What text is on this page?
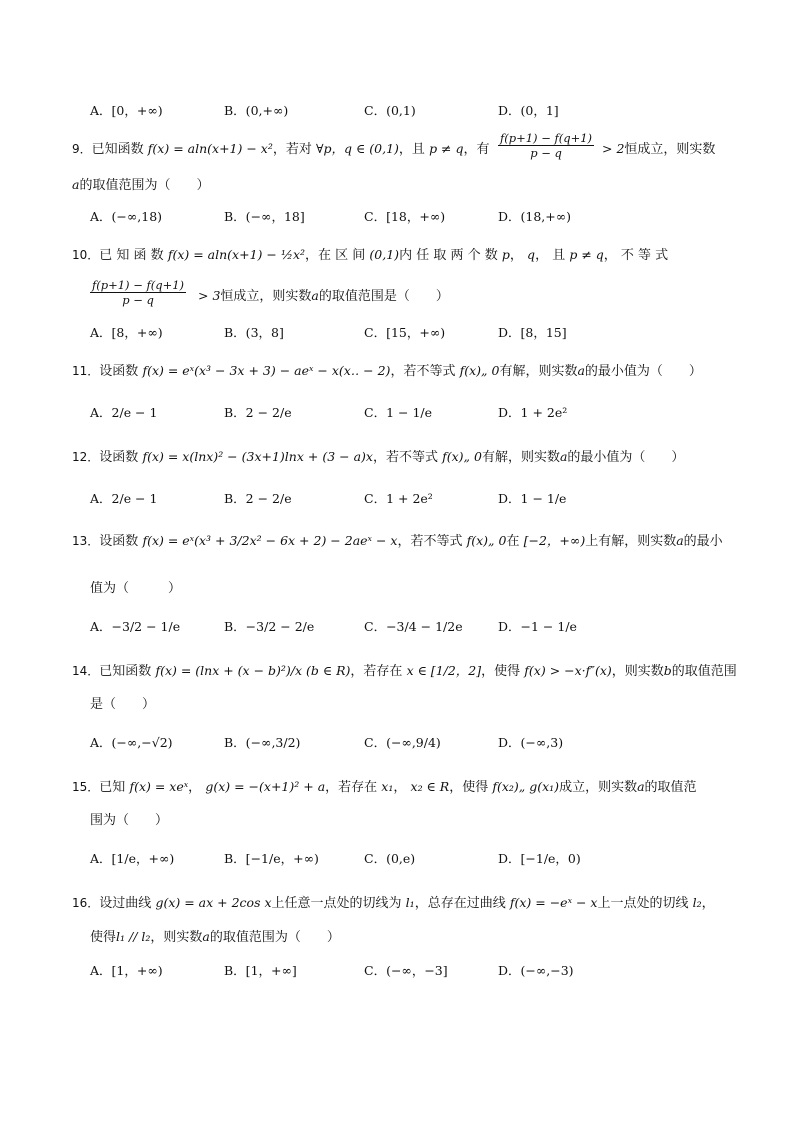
A．[0，+∞)	B．(0,+∞)	C．(0,1)	D．(0，1]
9．已知函数 f(x) = aln(x+1) − x²，若对 ∀p，q ∈ (0,1)，且 p ≠ q，有 $\frac{f(p+1) - f(q+1)}{p - q} > 2$恒成立，则实数
a的取值范围为（　　）
A．(−∞,18)	B．(−∞，18]	C．[18，+∞)	D．(18,+∞)
10．已 知 函 数 f(x) = aln(x+1) − ½x²，在 区 间 (0,1)内 任 取 两 个 数 p， q， 且 p ≠ q， 不 等 式
$\frac{f(p+1) - f(q+1)}{p - q} > 3$恒成立，则实数a的取值范围是（　　）
A．[8，+∞)	B．(3，8]	C．[15，+∞)	D．[8，15]
11．设函数 f(x) = eˣ(x³ − 3x + 3) − aeˣ − x(x‥ − 2)，若不等式 f(x)„ 0有解，则实数a的最小值为（　　）
A．2/e − 1	B．2 − 2/e	C．1 − 1/e	D．1 + 2e²
12．设函数 f(x) = x(lnx)² − (3x+1)lnx + (3 − a)x，若不等式 f(x)„ 0有解，则实数a的最小值为（　　）
A．2/e − 1	B．2 − 2/e	C．1 + 2e²	D．1 − 1/e
13．设函数 f(x) = eˣ(x³ + 3/2x² − 6x + 2) − 2aeˣ − x，若不等式 f(x)„ 0在 [−2，+∞)上有解，则实数a的最小
值为（　　　）
A．−3/2 − 1/e	B．−3/2 − 2/e	C．−3/4 − 1/2e	D．−1 − 1/e
14．已知函数 f(x) = (lnx + (x − b)²)/x (b ∈ R)，若存在 x ∈ [1/2，2]，使得 f(x) > −x·f″(x)，则实数b的取值范围
是（　　）
A．(−∞,−√2)	B．(−∞,3/2)	C．(−∞,9/4)	D．(−∞,3)
15．已知 f(x) = xeˣ， g(x) = −(x+1)² + a，若存在 x₁， x₂ ∈ R，使得 f(x₂)„ g(x₁)成立，则实数a的取值范
围为（　　）
A．[1/e，+∞)	B．[−1/e，+∞)	C．(0,e)	D．[−1/e，0)
16．设过曲线 g(x) = ax + 2cos x上任意一点处的切线为 l₁，总存在过曲线 f(x) = −eˣ − x上一点处的切线 l₂，
使得l₁ // l₂，则实数a的取值范围为（　　）
A．[1，+∞)	B．[1，+∞]	C．(−∞，−3]	D．(−∞,−3)
